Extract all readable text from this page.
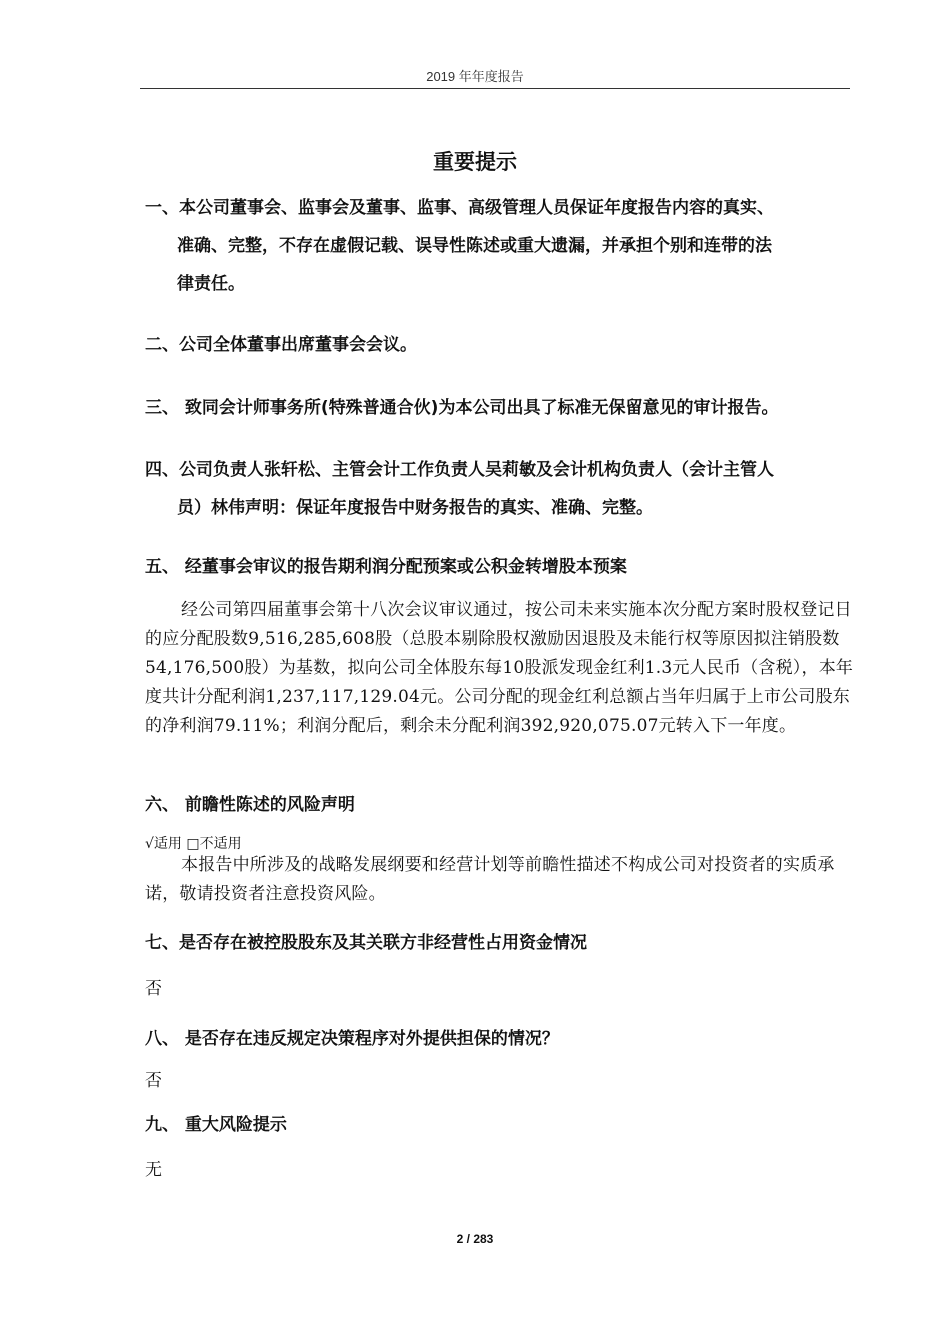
2019 年年度报告
重要提示
一、本公司董事会、监事会及董事、监事、高级管理人员保证年度报告内容的真实、
准确、完整，不存在虚假记载、误导性陈述或重大遗漏，并承担个别和连带的法
律责任。
二、公司全体董事出席董事会会议。
三、 致同会计师事务所(特殊普通合伙)为本公司出具了标准无保留意见的审计报告。
四、公司负责人张轩松、主管会计工作负责人吴莉敏及会计机构负责人（会计主管人
员）林伟声明：保证年度报告中财务报告的真实、准确、完整。
五、 经董事会审议的报告期利润分配预案或公积金转增股本预案
经公司第四届董事会第十八次会议审议通过，按公司未来实施本次分配方案时股权登记日的应分配股数9,516,285,608股（总股本剔除股权激励因退股及未能行权等原因拟注销股数54,176,500股）为基数，拟向公司全体股东每10股派发现金红利1.3元人民币（含税），本年度共计分配利润1,237,117,129.04元。公司分配的现金红利总额占当年归属于上市公司股东的净利润79.11%；利润分配后，剩余未分配利润392,920,075.07元转入下一年度。
六、 前瞻性陈述的风险声明
√适用 □不适用
本报告中所涉及的战略发展纲要和经营计划等前瞻性描述不构成公司对投资者的实质承诺，敬请投资者注意投资风险。
七、是否存在被控股股东及其关联方非经营性占用资金情况
否
八、 是否存在违反规定决策程序对外提供担保的情况？
否
九、 重大风险提示
无
2 / 283
